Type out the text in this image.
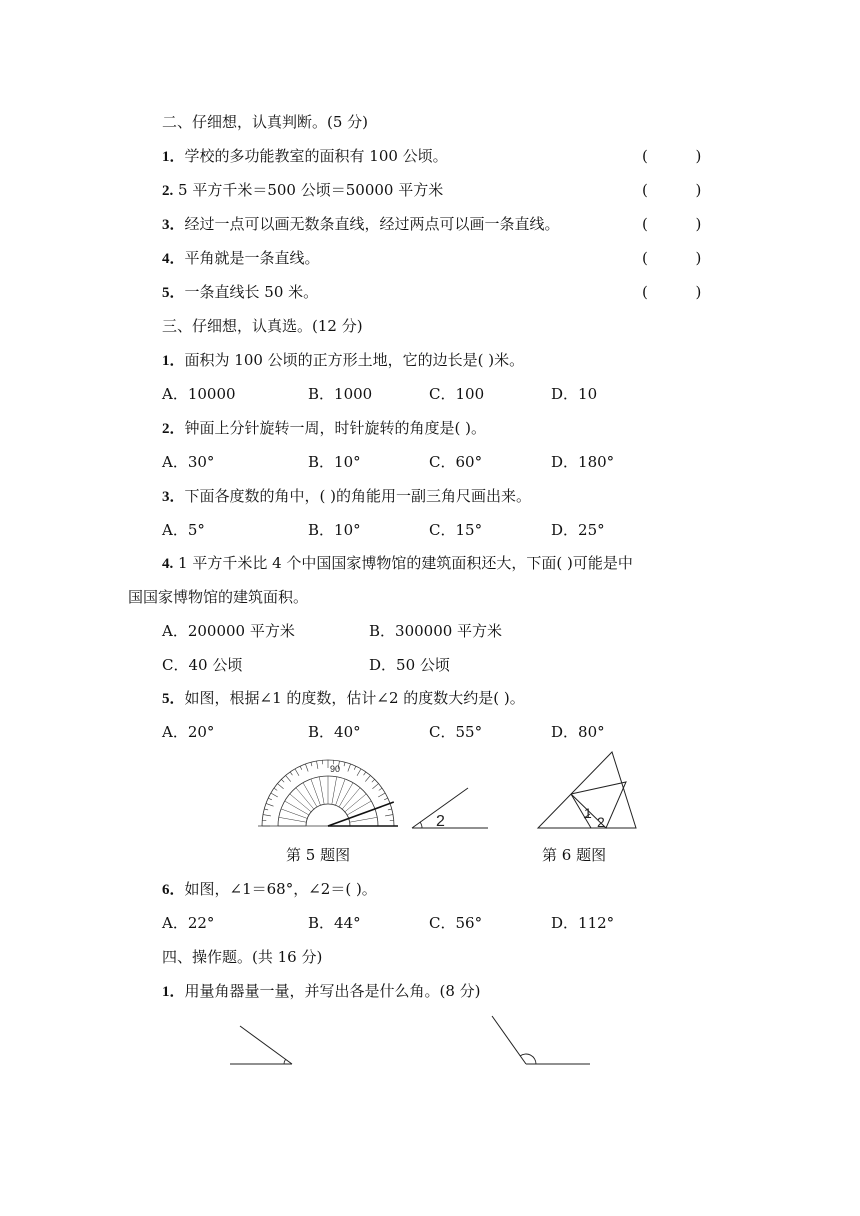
二、仔细想，认真判断。(5 分)
1．学校的多功能教室的面积有 100 公顷。	(          )
2. 5 平方千米＝500 公顷＝50000 平方米	(          )
3．经过一点可以画无数条直线，经过两点可以画一条直线。	(          )
4．平角就是一条直线。	(          )
5．一条直线长 50 米。	(          )
三、仔细想，认真选。(12 分)
1．面积为 100 公顷的正方形土地，它的边长是( )米。
A．10000	B．1000	C．100	D．10
2．钟面上分针旋转一周，时针旋转的角度是( )。
A．30°	B．10°	C．60°	D．180°
3．下面各度数的角中，( )的角能用一副三角尺画出来。
A．5°	B．10°	C．15°	D．25°
4. 1 平方千米比 4 个中国国家博物馆的建筑面积还大，下面( )可能是中
国国家博物馆的建筑面积。
A．200000 平方米	B．300000 平方米
C．40 公顷	D．50 公顷
5．如图，根据∠1 的度数，估计∠2 的度数大约是( )。
A．20°	B．40°	C．55°	D．80°
90
2	1
2
第 5 题图	第 6 题图
6．如图，∠1＝68°，∠2＝( )。
A．22°	B．44°	C．56°	D．112°
四、操作题。(共 16 分)
1．用量角器量一量，并写出各是什么角。(8 分)
